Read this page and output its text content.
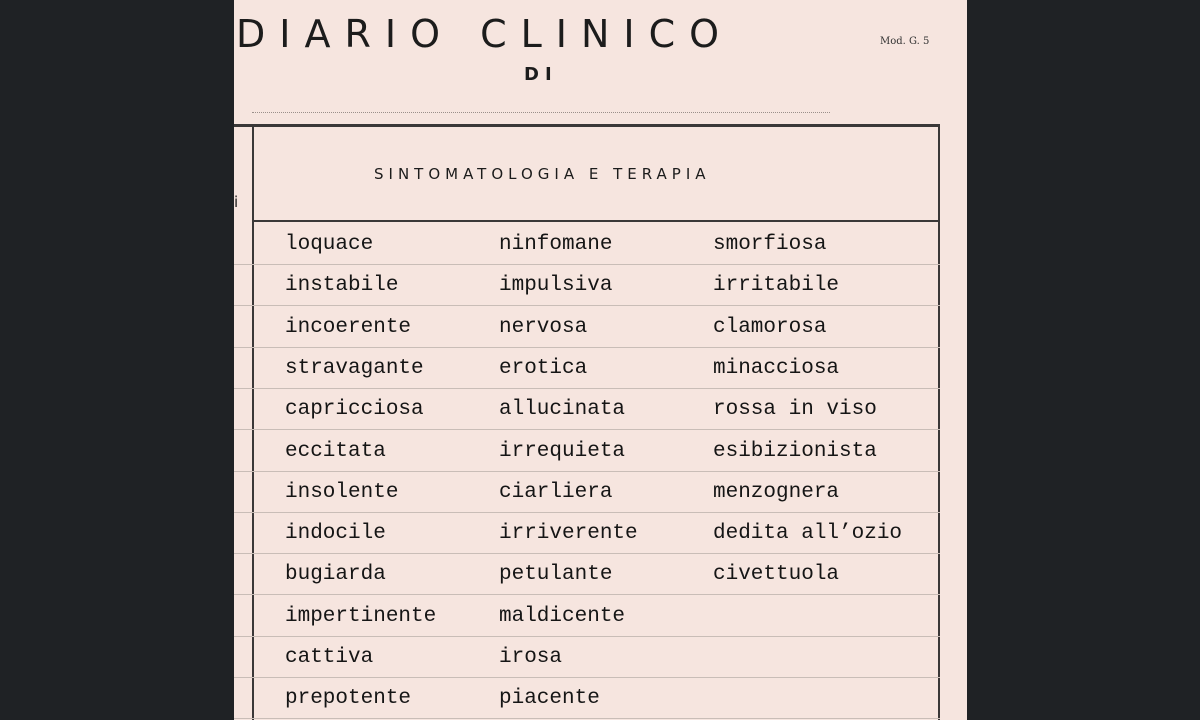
DIARIO CLINICO	Mod. G. 5
DI
i
SINTOMATOLOGIA E TERAPIA
loquace
instabile
incoerente
stravagante
capricciosa
eccitata
insolente
indocile
bugiarda
impertinente
cattiva
prepotente
ninfomane
impulsiva
nervosa
erotica
allucinata
irrequieta
ciarliera
irriverente
petulante
maldicente
irosa
piacente
smorfiosa
irritabile
clamorosa
minacciosa
rossa in viso
esibizionista
menzognera
dedita all’ozio
civettuola
